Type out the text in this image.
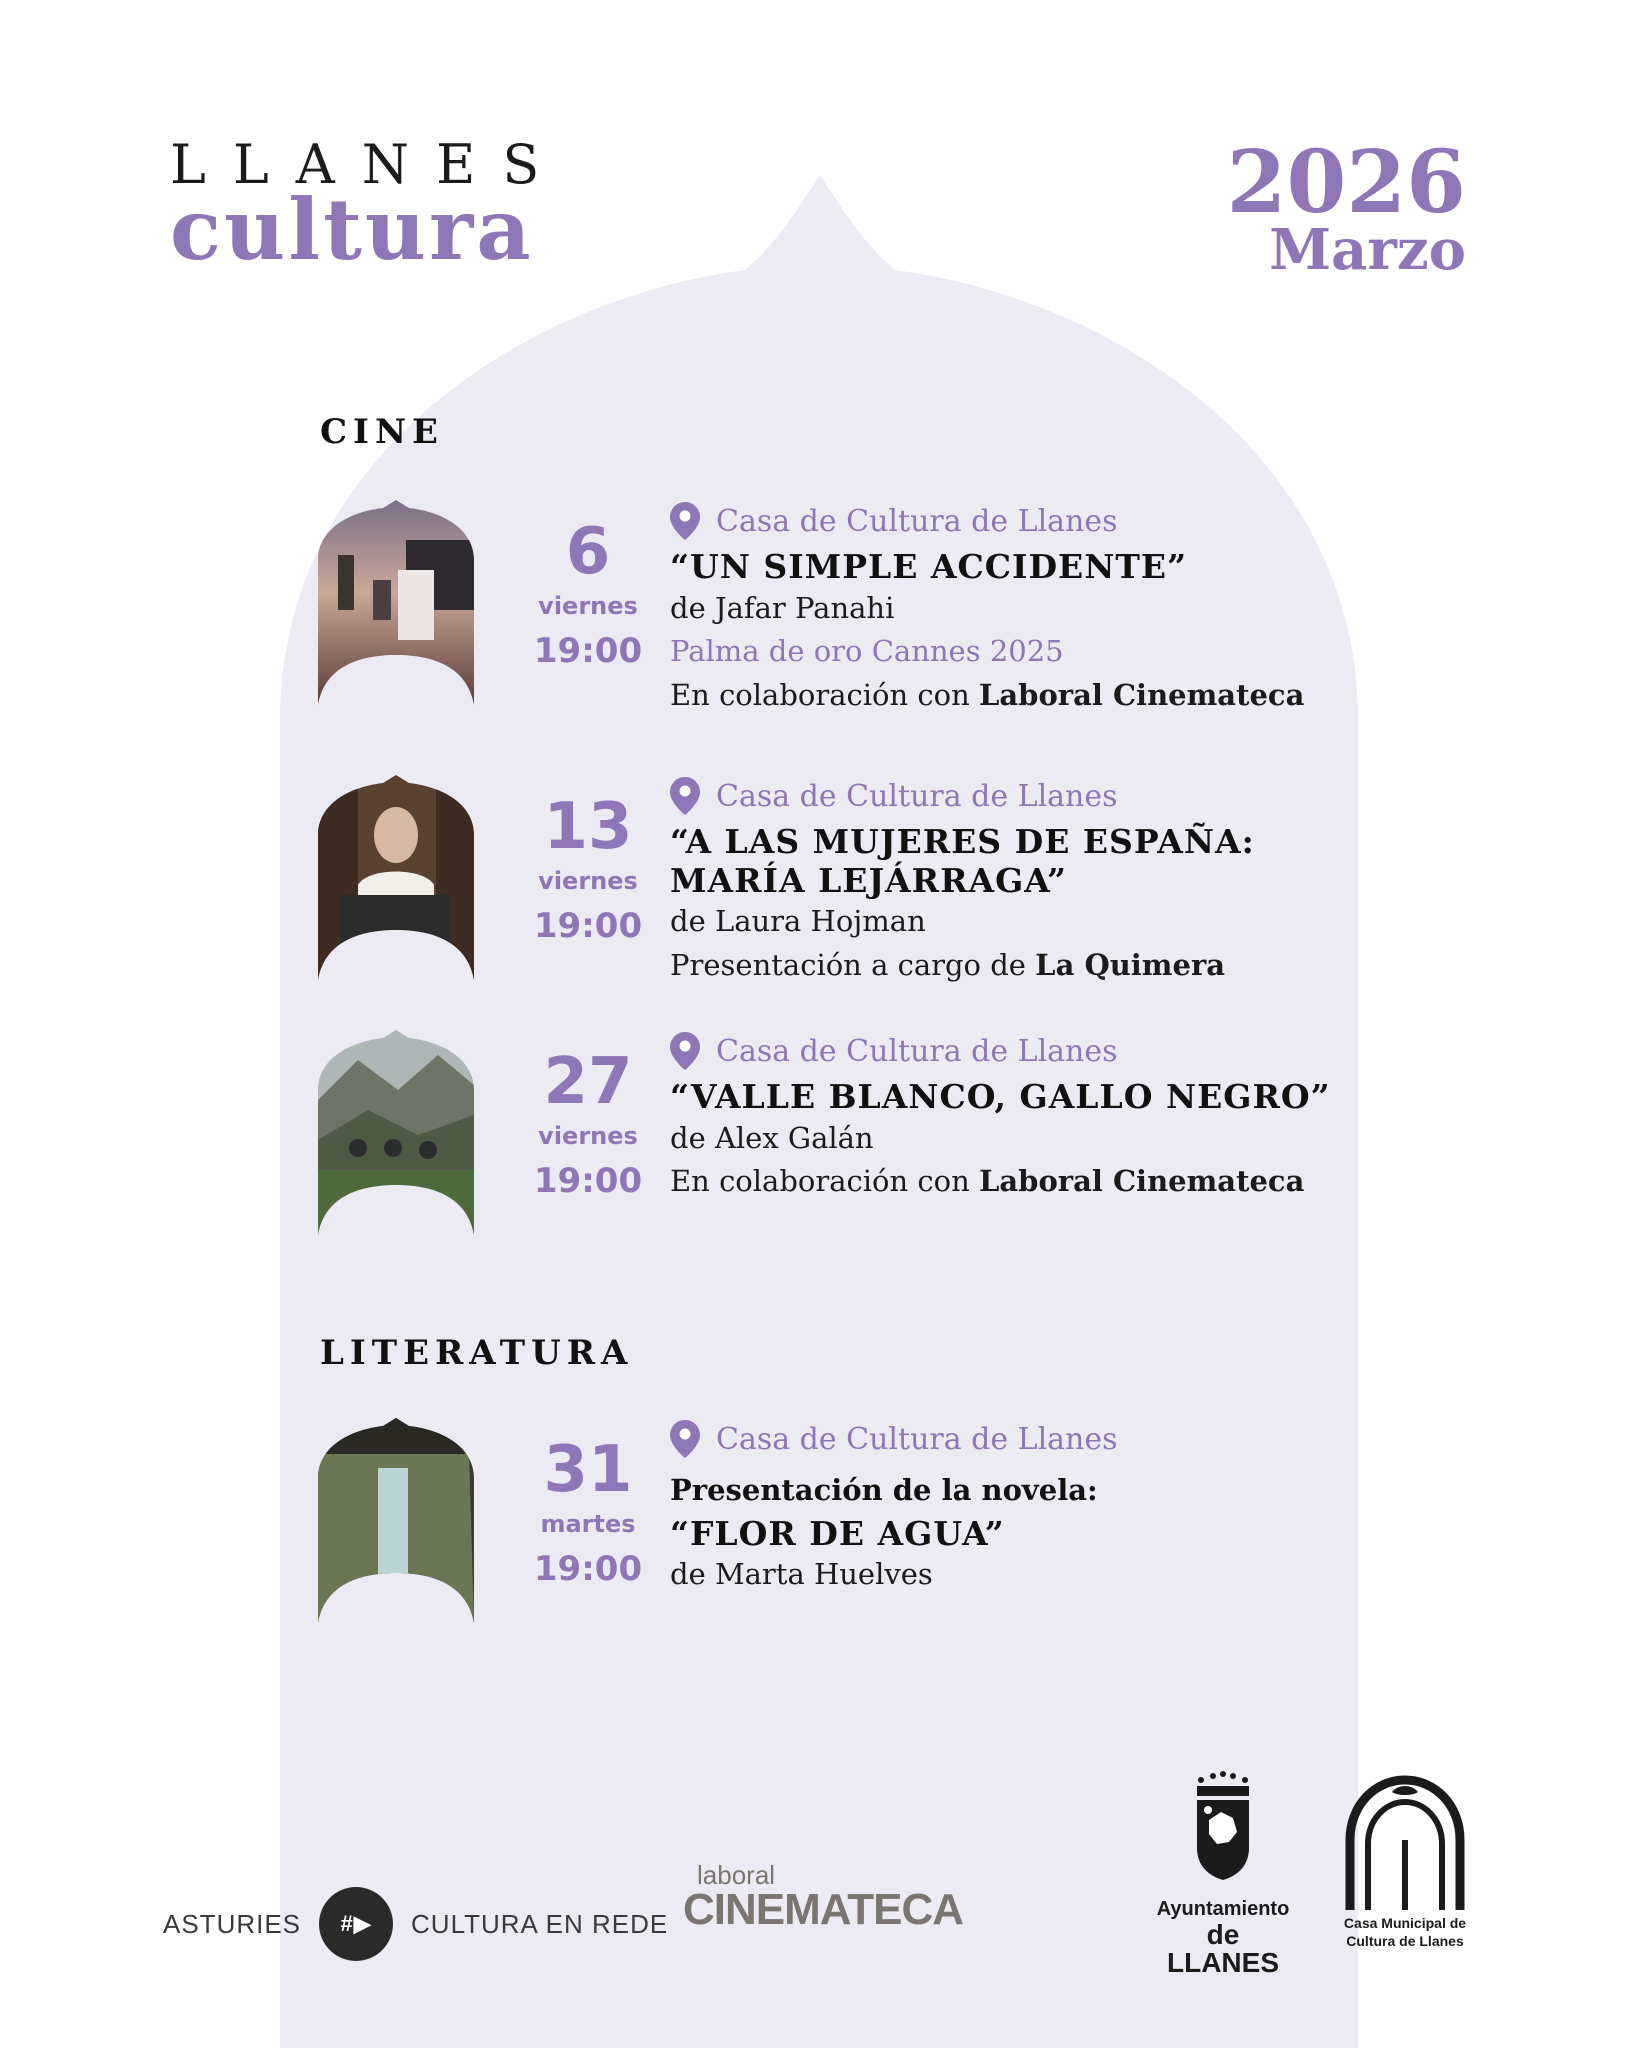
LLANES
cultura	2026
Marzo
CINE
6
viernes
19:00
Casa de Cultura de Llanes
“UN SIMPLE ACCIDENTE”
de Jafar Panahi
Palma de oro Cannes 2025
En colaboración con Laboral Cinemateca
13
viernes
19:00
Casa de Cultura de Llanes
“A LAS MUJERES DE ESPAÑA:
MARÍA LEJÁRRAGA”
de Laura Hojman
Presentación a cargo de La Quimera
27
viernes
19:00
Casa de Cultura de Llanes
“VALLE BLANCO, GALLO NEGRO”
de Alex Galán
En colaboración con Laboral Cinemateca
LITERATURA
31
martes
19:00
Casa de Cultura de Llanes
Presentación de la novela:
“FLOR DE AGUA”
de Marta Huelves
ASTURIES #▶ CULTURA EN REDE
laboral
CINEMATECA	Ayuntamiento
de LLANES
Casa Municipal de
Cultura de Llanes
